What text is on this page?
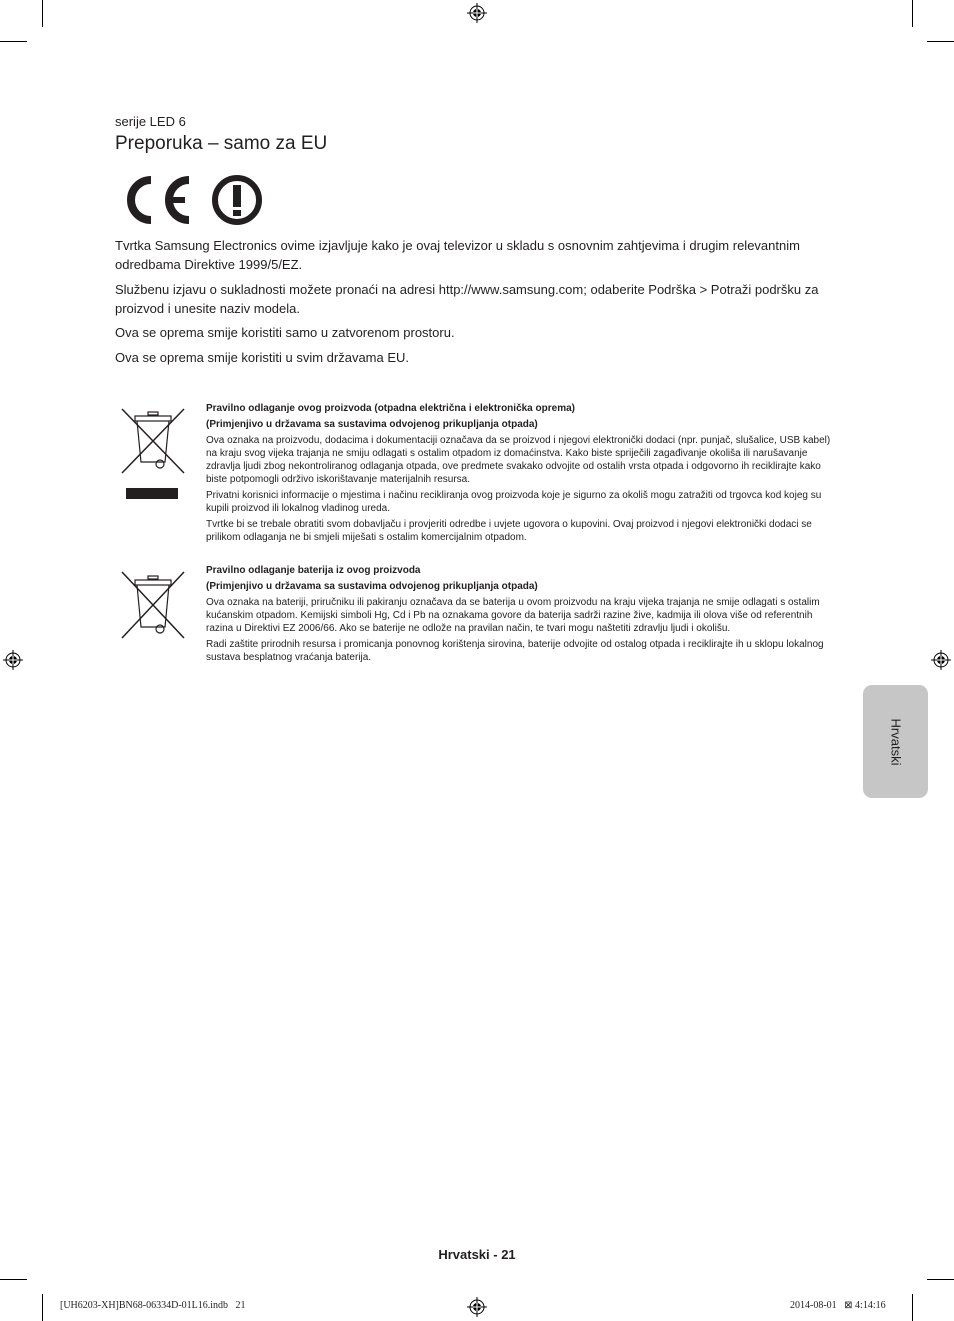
serije LED 6
Preporuka – samo za EU

Tvrtka Samsung Electronics ovime izjavljuje kako je ovaj televizor u skladu s osnovnim zahtjevima i drugim relevantnim odredbama Direktive 1999/5/EZ.

Službenu izjavu o sukladnosti možete pronaći na adresi http://www.samsung.com; odaberite Podrška > Potraži podršku za proizvod i unesite naziv modela.

Ova se oprema smije koristiti samo u zatvorenom prostoru.

Ova se oprema smije koristiti u svim državama EU.

Pravilno odlaganje ovog proizvoda (otpadna električna i elektronička oprema)

(Primjenjivo u državama sa sustavima odvojenog prikupljanja otpada)

Ova oznaka na proizvodu, dodacima i dokumentaciji označava da se proizvod i njegovi elektronički dodaci (npr. punjač, slušalice, USB kabel) na kraju svog vijeka trajanja ne smiju odlagati s ostalim otpadom iz domaćinstva. Kako biste spriječili zagađivanje okoliša ili narušavanje zdravlja ljudi zbog nekontroliranog odlaganja otpada, ove predmete svakako odvojite od ostalih vrsta otpada i odgovorno ih reciklirajte kako biste potpomogli održivo iskorištavanje materijalnih resursa.

Privatni korisnici informacije o mjestima i načinu recikliranja ovog proizvoda koje je sigurno za okoliš mogu zatražiti od trgovca kod kojeg su kupili proizvod ili lokalnog vladinog ureda.

Tvrtke bi se trebale obratiti svom dobavljaču i provjeriti odredbe i uvjete ugovora o kupovini. Ovaj proizvod i njegovi elektronički dodaci se prilikom odlaganja ne bi smjeli miješati s ostalim komercijalnim otpadom.

Pravilno odlaganje baterija iz ovog proizvoda

(Primjenjivo u državama sa sustavima odvojenog prikupljanja otpada)

Ova oznaka na bateriji, priručniku ili pakiranju označava da se baterija u ovom proizvodu na kraju vijeka trajanja ne smije odlagati s ostalim kućanskim otpadom. Kemijski simboli Hg, Cd i Pb na oznakama govore da baterija sadrži razine žive, kadmija ili olova više od referentnih razina u Direktivi EZ 2006/66. Ako se baterije ne odlože na pravilan način, te tvari mogu naštetiti zdravlju ljudi i okolišu.

Radi zaštite prirodnih resursa i promicanja ponovnog korištenja sirovina, baterije odvojite od ostalog otpada i reciklirajte ih u sklopu lokalnog sustava besplatnog vraćanja baterija.

Hrvatski
Hrvatski - 21
[UH6203-XH]BN68-06334D-01L16.indb   21	2014-08-01   ⊠ 4:14:16
